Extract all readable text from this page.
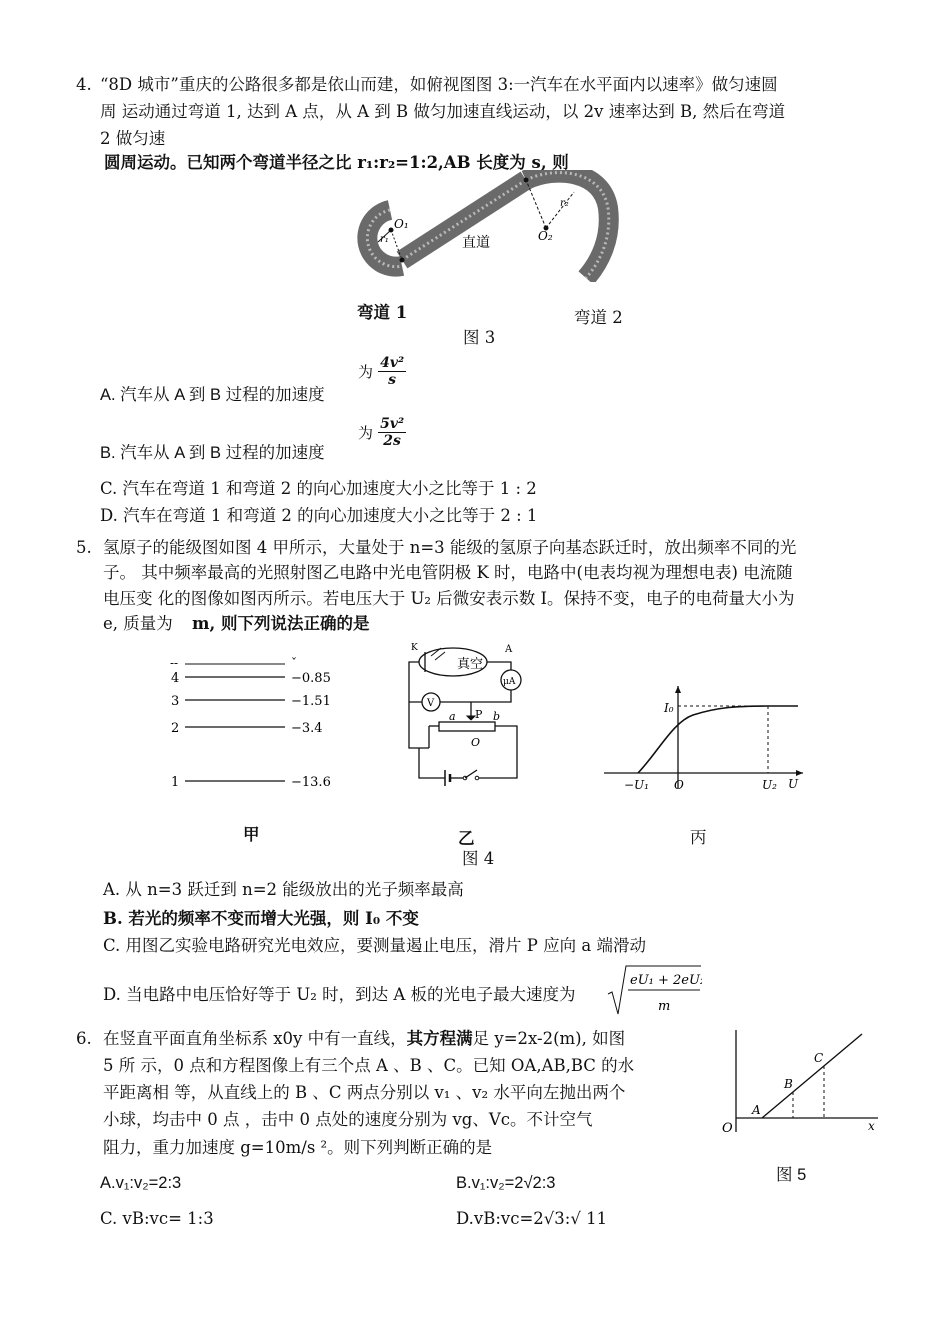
4. “8D 城市”重庆的公路很多都是依山而建，如俯视图图 3:一汽车在水平面内以速率》做匀速圆
周 运动通过弯道 1, 达到 A 点，从 A 到 B 做匀加速直线运动，以 2v 速率达到 B, 然后在弯道
2 做匀速
圆周运动。已知两个弯道半径之比 r₁:r₂=1:2,AB 长度为 s, 则
O₁
r₁	O₂
r₂
直道
弯道 1	弯道 2
图 3
A. 汽车从 A 到 B 过程的加速度
为 $\frac{\text{4v²}}{s}$
B. 汽车从 A 到 B 过程的加速度
为 $\frac{\text{5v²}}{2s}$
C. 汽车在弯道 1 和弯道 2 的向心加速度大小之比等于 1 : 2
D. 汽车在弯道 1 和弯道 2 的向心加速度大小之比等于 2 : 1
5. 氢原子的能级图如图 4 甲所示，大量处于 n=3 能级的氢原子向基态跃迁时，放出频率不同的光
子。 其中频率最高的光照射图乙电路中光电管阴极 K 时，电路中(电表均视为理想电表) 电流随
电压变 化的图像如图丙所示。若电压大于 U₂ 后微安表示数 I。保持不变，电子的电荷量大小为
e, 质量为 m, 则下列说法正确的是
--	ˇ
4	−0.85
3	−1.51
2	−3.4
1	−13.6
甲
真空
K	A
μA
V
a P b
O
乙
I₀
−U₁ O	U₂ U
丙
图 4
A. 从 n=3 跃迁到 n=2 能级放出的光子频率最高
B. 若光的频率不变而增大光强，则 I₀ 不变
C. 用图乙实验电路研究光电效应，要测量遏止电压，滑片 P 应向 a 端滑动
D. 当电路中电压恰好等于 U₂ 时，到达 A 板的光电子最大速度为
eU₁ + 2eU₂
m
6. 在竖直平面直角坐标系 x0y 中有一直线，其方程满足 y=2x-2(m), 如图
5 所 示，0 点和方程图像上有三个点 A 、B 、C。已知 OA,AB,BC 的水
平距离相 等，从直线上的 B 、C 两点分别以 v₁ 、v₂ 水平向左抛出两个
小球，均击中 0 点 ，击中 0 点处的速度分别为 vg、Vc。不计空气
阻力，重力加速度 g=10m/s ²。则下列判断正确的是
O
A
B
C
x
图 5
A.v₁:v₂=2:3	B.v₁:v₂=2√2:3
C. vB:vc= 1:3	D.vB:vc=2√3:√ 11
